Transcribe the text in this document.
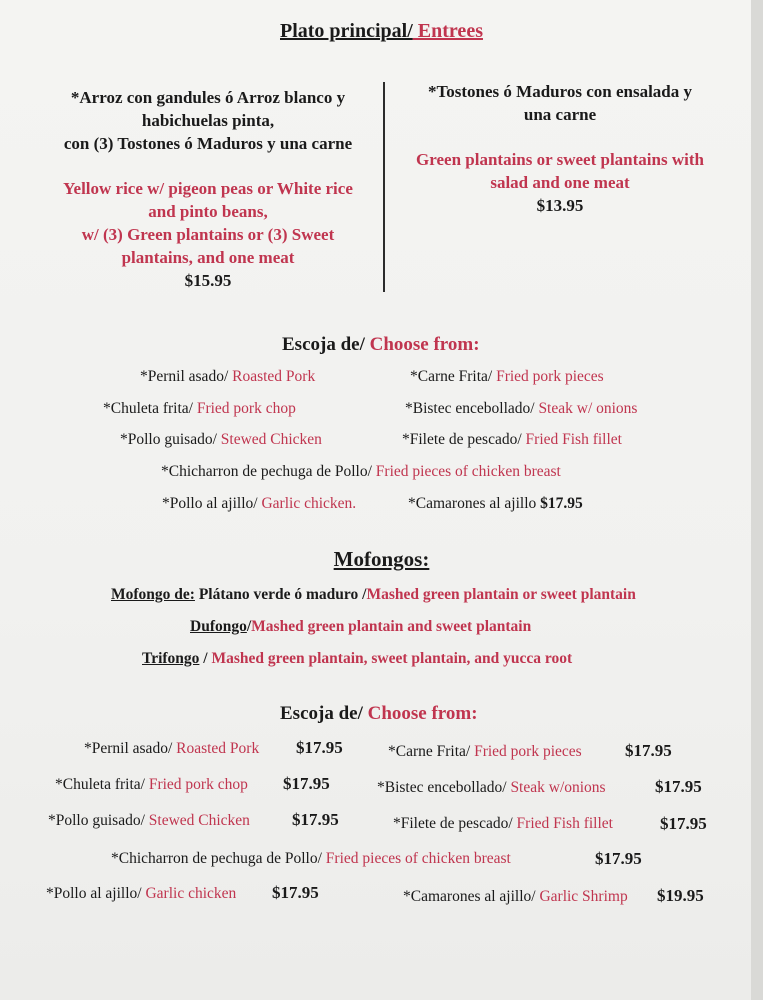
Plato principal/ Entrees
*Arroz con gandules ó Arroz blanco y
habichuelas pinta,
con (3) Tostones ó Maduros y una carne
Yellow rice w/ pigeon peas or White rice
and pinto beans,
w/ (3) Green plantains or (3) Sweet
plantains, and one meat
$15.95
*Tostones ó Maduros con ensalada y
una carne
Green plantains or sweet plantains with
salad and one meat
$13.95
Escoja de/ Choose from:
*Pernil asado/ Roasted Pork	*Carne Frita/ Fried pork pieces
*Chuleta frita/ Fried pork chop	*Bistec encebollado/ Steak w/ onions
*Pollo guisado/ Stewed Chicken	*Filete de pescado/ Fried Fish fillet
*Chicharron de pechuga de Pollo/ Fried pieces of chicken breast
*Pollo al ajillo/ Garlic chicken.	*Camarones al ajillo $17.95
Mofongos:
Mofongo de: Plátano verde ó maduro /Mashed green plantain or sweet plantain
Dufongo/Mashed green plantain and sweet plantain
Trifongo / Mashed green plantain, sweet plantain, and yucca root
Escoja de/ Choose from:
*Pernil asado/ Roasted Pork $17.95	*Carne Frita/ Fried pork pieces	$17.95
*Chuleta frita/ Fried pork chop $17.95	*Bistec encebollado/ Steak w/onions	$17.95
*Pollo guisado/ Stewed Chicken $17.95	*Filete de pescado/ Fried Fish fillet	$17.95
*Chicharron de pechuga de Pollo/ Fried pieces of chicken breast	$17.95
*Pollo al ajillo/ Garlic chicken $17.95	*Camarones al ajillo/ Garlic Shrimp $19.95
